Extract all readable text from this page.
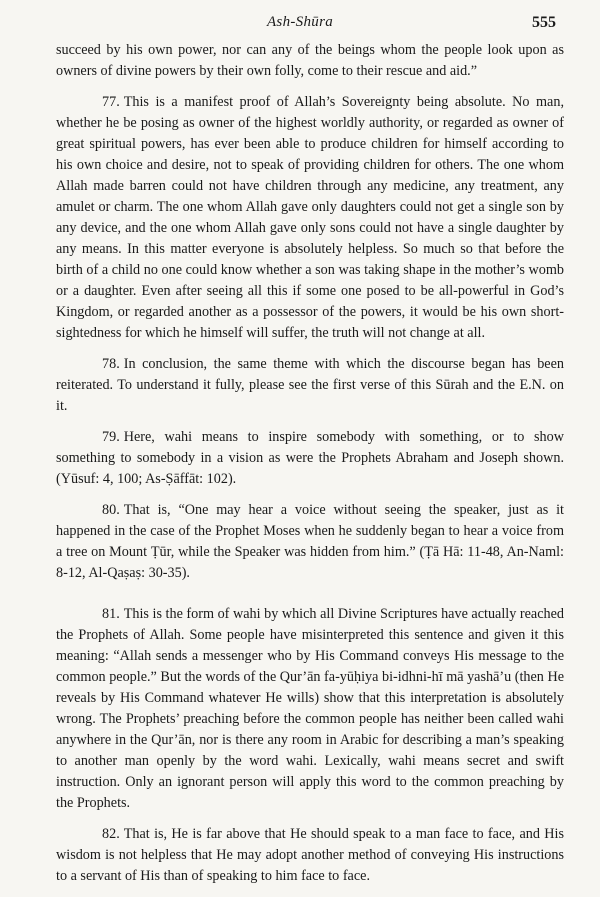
Ash-Shūra	555

succeed by his own power, nor can any of the beings whom the people look upon as owners of divine powers by their own folly, come to their rescue and aid.”

77. This is a manifest proof of Allah’s Sovereignty being absolute. No man, whether he be posing as owner of the highest worldly authority, or regarded as owner of great spiritual powers, has ever been able to produce children for himself according to his own choice and desire, not to speak of providing children for others. The one whom Allah made barren could not have children through any medicine, any treatment, any amulet or charm. The one whom Allah gave only daughters could not get a single son by any device, and the one whom Allah gave only sons could not have a single daughter by any means. In this matter everyone is absolutely helpless. So much so that before the birth of a child no one could know whether a son was taking shape in the mother’s womb or a daughter. Even after seeing all this if some one posed to be all-powerful in God’s Kingdom, or regarded another as a possessor of the powers, it would be his own short-sightedness for which he himself will suffer, the truth will not change at all.

78. In conclusion, the same theme with which the discourse began has been reiterated. To understand it fully, please see the first verse of this Sūrah and the E.N. on it.

79. Here, wahi means to inspire somebody with something, or to show something to somebody in a vision as were the Prophets Abraham and Joseph shown. (Yūsuf: 4, 100; As-Ṣāffāt: 102).

80. That is, “One may hear a voice without seeing the speaker, just as it happened in the case of the Prophet Moses when he suddenly began to hear a voice from a tree on Mount Ṭūr, while the Speaker was hidden from him.” (Ṭā Hā: 11-48, An-Naml: 8-12, Al-Qaṣaṣ: 30-35).

81. This is the form of wahi by which all Divine Scriptures have actually reached the Prophets of Allah. Some people have misinterpreted this sentence and given it this meaning: “Allah sends a messenger who by His Command conveys His message to the common people.” But the words of the Qur’ān fa-yūḥiya bi-idhni-hī mā yashā’u (then He reveals by His Command whatever He wills) show that this interpretation is absolutely wrong. The Prophets’ preaching before the common people has neither been called wahi anywhere in the Qur’ān, nor is there any room in Arabic for describing a man’s speaking to another man openly by the word wahi. Lexically, wahi means secret and swift instruction. Only an ignorant person will apply this word to the common preaching by the Prophets.

82. That is, He is far above that He should speak to a man face to face, and His wisdom is not helpless that He may adopt another method of conveying His instructions to a servant of His than of speaking to him face to face.
